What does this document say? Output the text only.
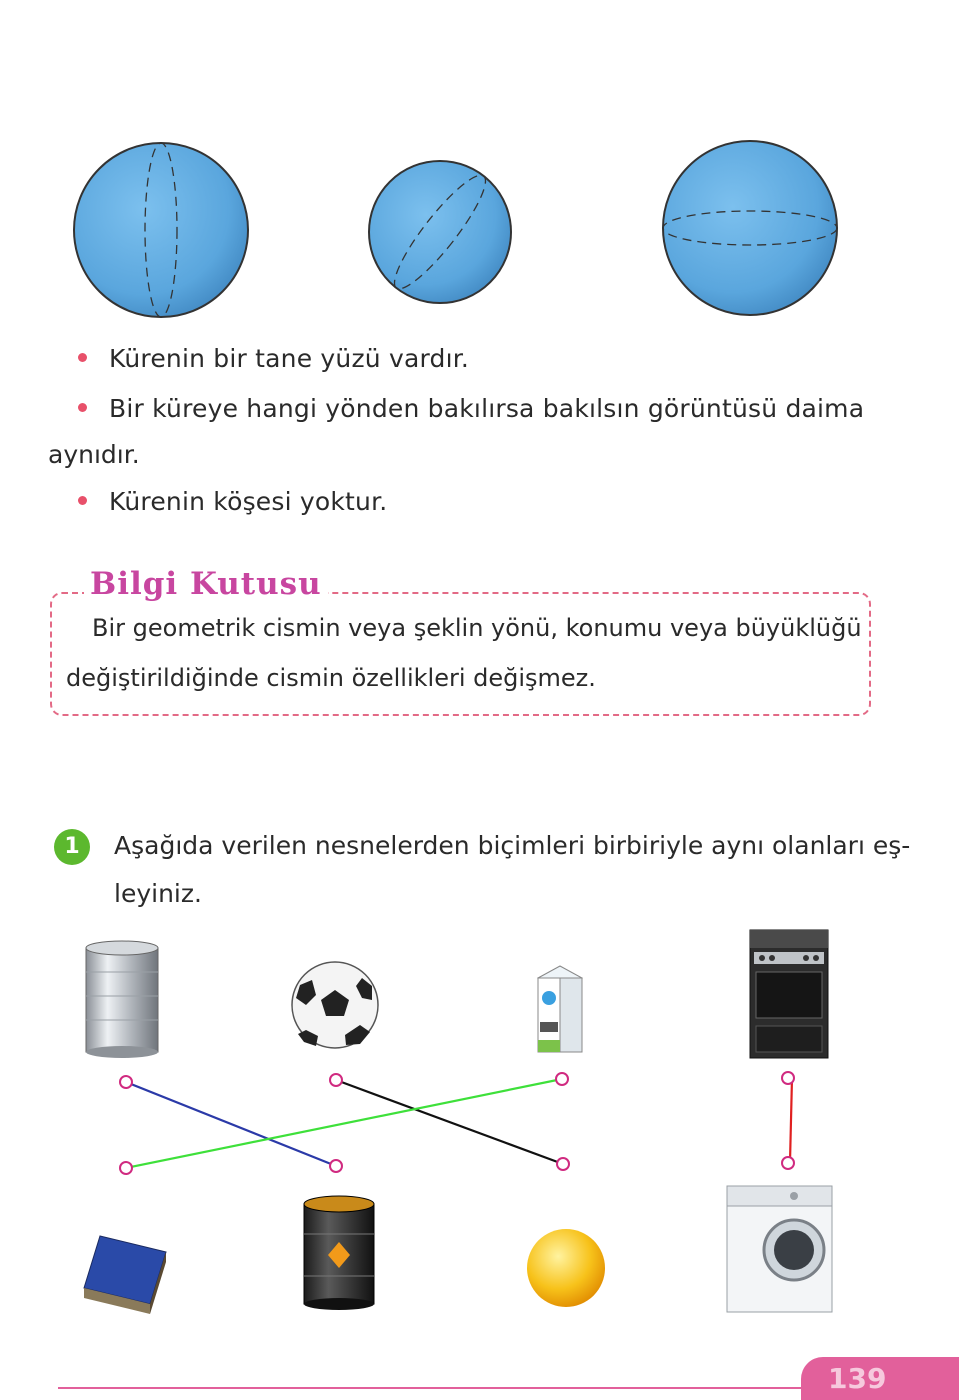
Kürenin bir tane yüzü vardır.
Bir küreye hangi yönden bakılırsa bakılsın görüntüsü daima
aynıdır.
Kürenin köşesi yoktur.
Bilgi Kutusu
Bir geometrik cismin veya şeklin yönü, konumu veya büyüklüğü
değiştirildiğinde cismin özellikleri değişmez.
1	Aşağıda verilen nesnelerden biçimleri birbiriyle aynı olanları eş-
leyiniz.
139
